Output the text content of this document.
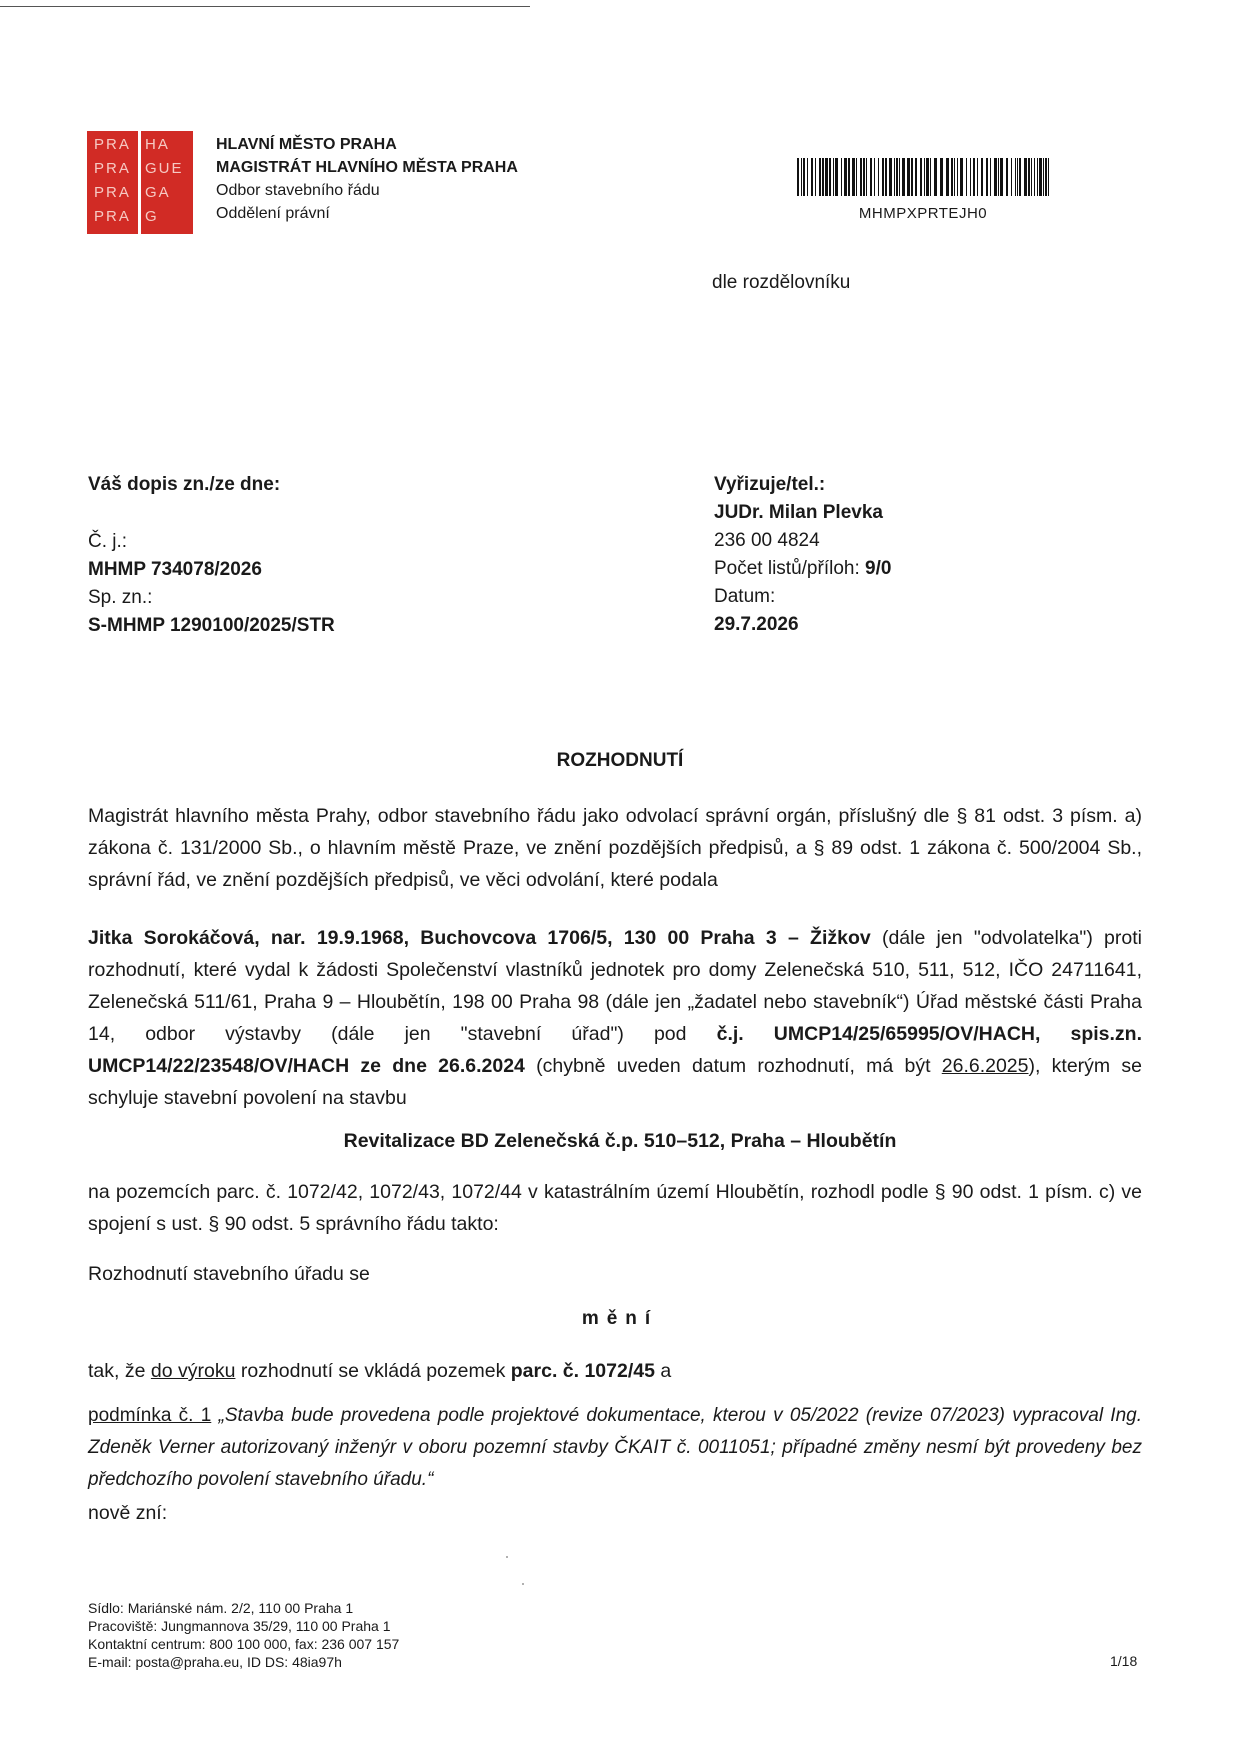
PRA HA
PRA GUE
PRA GA
PRA G
HLAVNÍ MĚSTO PRAHA
MAGISTRÁT HLAVNÍHO MĚSTA PRAHA
Odbor stavebního řádu
Oddělení právní	MHMPXPRTEJH0
dle rozdělovníku
Váš dopis zn./ze dne:
Č. j.:
MHMP 734078/2026
Sp. zn.:
S-MHMP 1290100/2025/STR
Vyřizuje/tel.:
JUDr. Milan Plevka
236 00 4824
Počet listů/příloh: 9/0
Datum:
29.7.2026
ROZHODNUTÍ
Magistrát hlavního města Prahy, odbor stavebního řádu jako odvolací správní orgán, příslušný dle § 81 odst. 3 písm. a) zákona č. 131/2000 Sb., o hlavním městě Praze, ve znění pozdějších předpisů, a § 89 odst. 1 zákona č. 500/2004 Sb., správní řád, ve znění pozdějších předpisů, ve věci odvolání, které podala
Jitka Sorokáčová, nar. 19.9.1968, Buchovcova 1706/5, 130 00 Praha 3 – Žižkov (dále jen "odvolatelka") proti rozhodnutí, které vydal k žádosti Společenství vlastníků jednotek pro domy Zelenečská 510, 511, 512, IČO 24711641, Zelenečská 511/61, Praha 9 – Hloubětín, 198 00 Praha 98 (dále jen „žadatel nebo stavebník“) Úřad městské části Praha 14, odbor výstavby (dále jen "stavební úřad") pod č.j. UMCP14/25/65995/OV/HACH, spis.zn. UMCP14/22/23548/OV/HACH ze dne 26.6.2024 (chybně uveden datum rozhodnutí, má být 26.6.2025), kterým se schyluje stavební povolení na stavbu
Revitalizace BD Zelenečská č.p. 510–512, Praha – Hloubětín
na pozemcích parc. č. 1072/42, 1072/43, 1072/44 v katastrálním území Hloubětín, rozhodl podle § 90 odst. 1 písm. c) ve spojení s ust. § 90 odst. 5 správního řádu takto:
Rozhodnutí stavebního úřadu se
mění
tak, že do výroku rozhodnutí se vkládá pozemek parc. č. 1072/45 a
podmínka č. 1 „Stavba bude provedena podle projektové dokumentace, kterou v 05/2022 (revize 07/2023) vypracoval Ing. Zdeněk Verner autorizovaný inženýr v oboru pozemní stavby ČKAIT č. 0011051; případné změny nesmí být provedeny bez předchozího povolení stavebního úřadu.“
nově zní:
Sídlo: Mariánské nám. 2/2, 110 00 Praha 1
Pracoviště: Jungmannova 35/29, 110 00 Praha 1
Kontaktní centrum: 800 100 000, fax: 236 007 157
E-mail: posta@praha.eu, ID DS: 48ia97h	1/18
